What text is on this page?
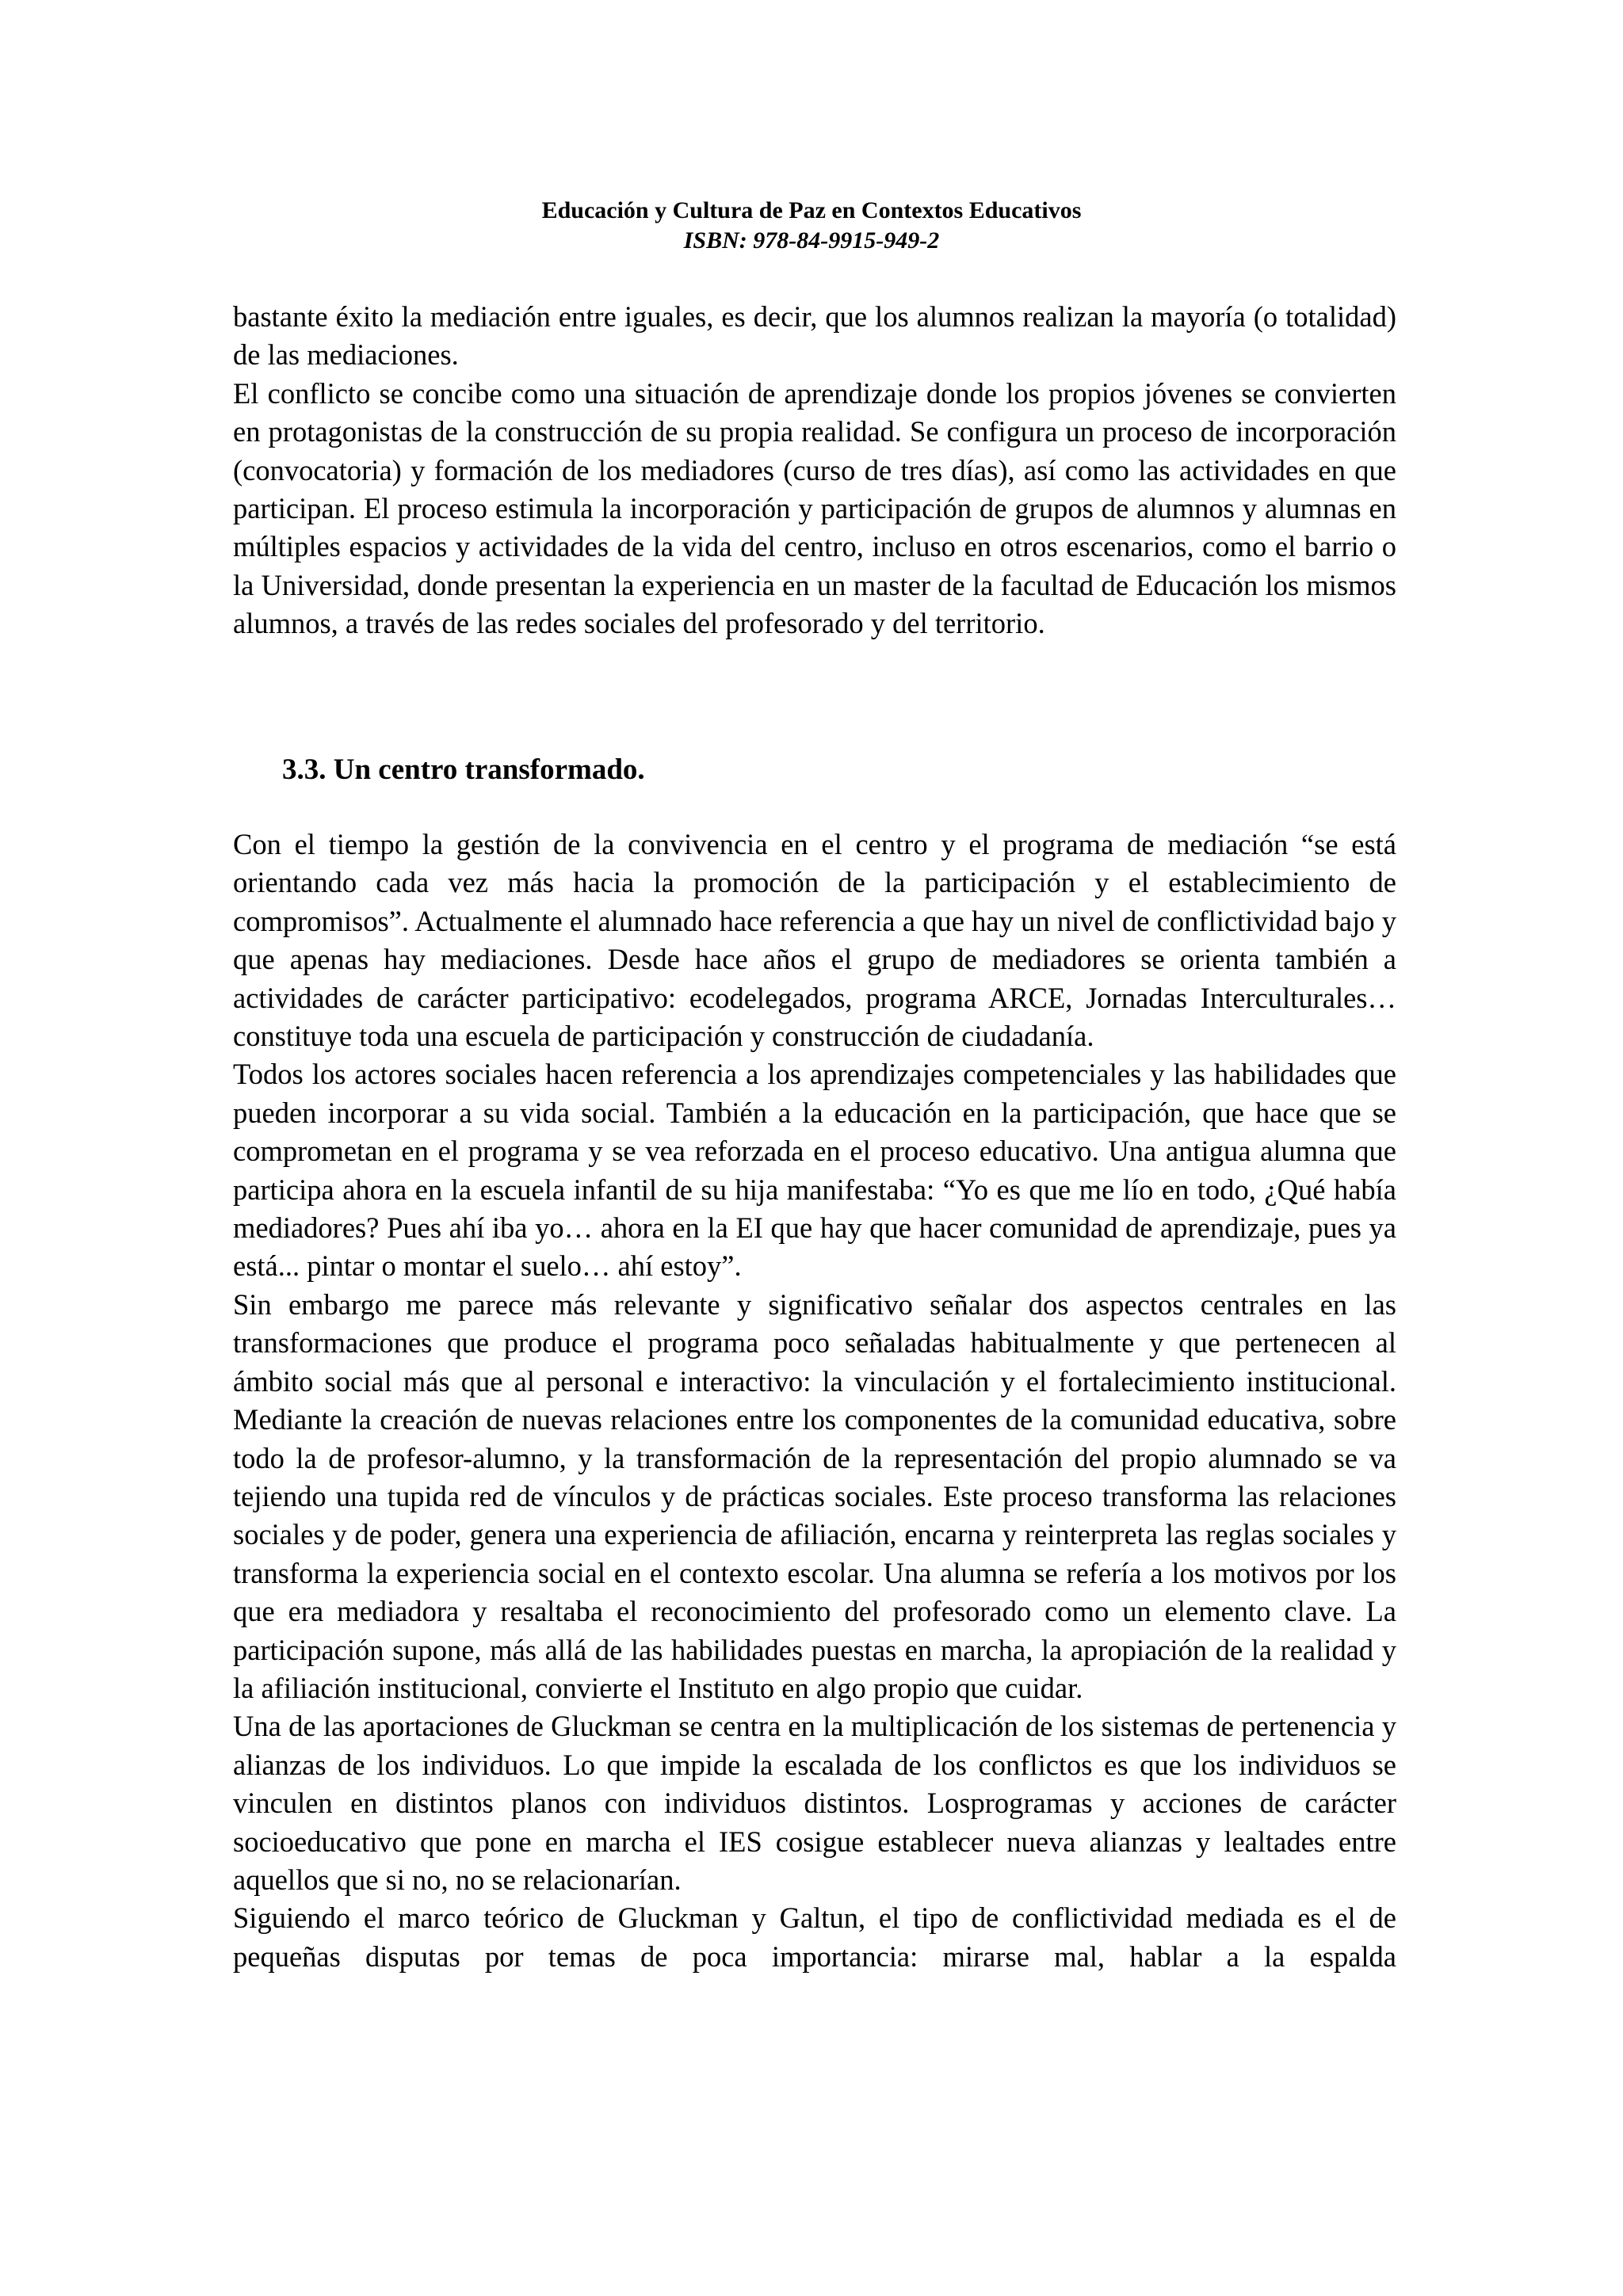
Educación y Cultura de Paz en Contextos Educativos
ISBN: 978-84-9915-949-2

bastante éxito la mediación entre iguales, es decir, que los alumnos realizan la mayoría (o totalidad) de las mediaciones.

El conflicto se concibe como una situación de aprendizaje donde los propios jóvenes se convierten en protagonistas de la construcción de su propia realidad. Se configura un proceso de incorporación (convocatoria) y formación de los mediadores (curso de tres días), así como las actividades en que participan. El proceso estimula la incorporación y participación de grupos de alumnos y alumnas en múltiples espacios y actividades de la vida del centro, incluso en otros escenarios, como el barrio o la Universidad, donde presentan la experiencia en un master de la facultad de Educación los mismos alumnos, a través de las redes sociales del profesorado y del territorio.

3.3. Un centro transformado.

Con el tiempo la gestión de la convivencia en el centro y el programa de mediación “se está orientando cada vez más hacia la promoción de la participación y el establecimiento de compromisos”. Actualmente el alumnado hace referencia a que hay un nivel de conflictividad bajo y que apenas hay mediaciones. Desde hace años el grupo de mediadores se orienta también a actividades de carácter participativo: ecodelegados, programa ARCE, Jornadas Interculturales… constituye toda una escuela de participación y construcción de ciudadanía.

Todos los actores sociales hacen referencia a los aprendizajes competenciales y las habilidades que pueden incorporar a su vida social. También a la educación en la participación, que hace que se comprometan en el programa y se vea reforzada en el proceso educativo. Una antigua alumna que participa ahora en la escuela infantil de su hija manifestaba: “Yo es que me lío en todo, ¿Qué había mediadores? Pues ahí iba yo… ahora en la EI que hay que hacer comunidad de aprendizaje, pues ya está... pintar o montar el suelo… ahí estoy”.

Sin embargo me parece más relevante y significativo señalar dos aspectos centrales en las transformaciones que produce el programa poco señaladas habitualmente y que pertenecen al ámbito social más que al personal e interactivo: la vinculación y el fortalecimiento institucional. Mediante la creación de nuevas relaciones entre los componentes de la comunidad educativa, sobre todo la de profesor-alumno, y la transformación de la representación del propio alumnado se va tejiendo una tupida red de vínculos y de prácticas sociales. Este proceso transforma las relaciones sociales y de poder, genera una experiencia de afiliación, encarna y reinterpreta las reglas sociales y transforma la experiencia social en el contexto escolar. Una alumna se refería a los motivos por los que era mediadora y resaltaba el reconocimiento del profesorado como un elemento clave. La participación supone, más allá de las habilidades puestas en marcha, la apropiación de la realidad y la afiliación institucional, convierte el Instituto en algo propio que cuidar.

Una de las aportaciones de Gluckman se centra en la multiplicación de los sistemas de pertenencia y alianzas de los individuos. Lo que impide la escalada de los conflictos es que los individuos se vinculen en distintos planos con individuos distintos. Losprogramas y acciones de carácter socioeducativo que pone en marcha el IES cosigue establecer nueva alianzas y lealtades entre aquellos que si no, no se relacionarían.

Siguiendo el marco teórico de Gluckman y Galtun, el tipo de conflictividad mediada es el de pequeñas disputas por temas de poca importancia: mirarse mal, hablar a la espalda
